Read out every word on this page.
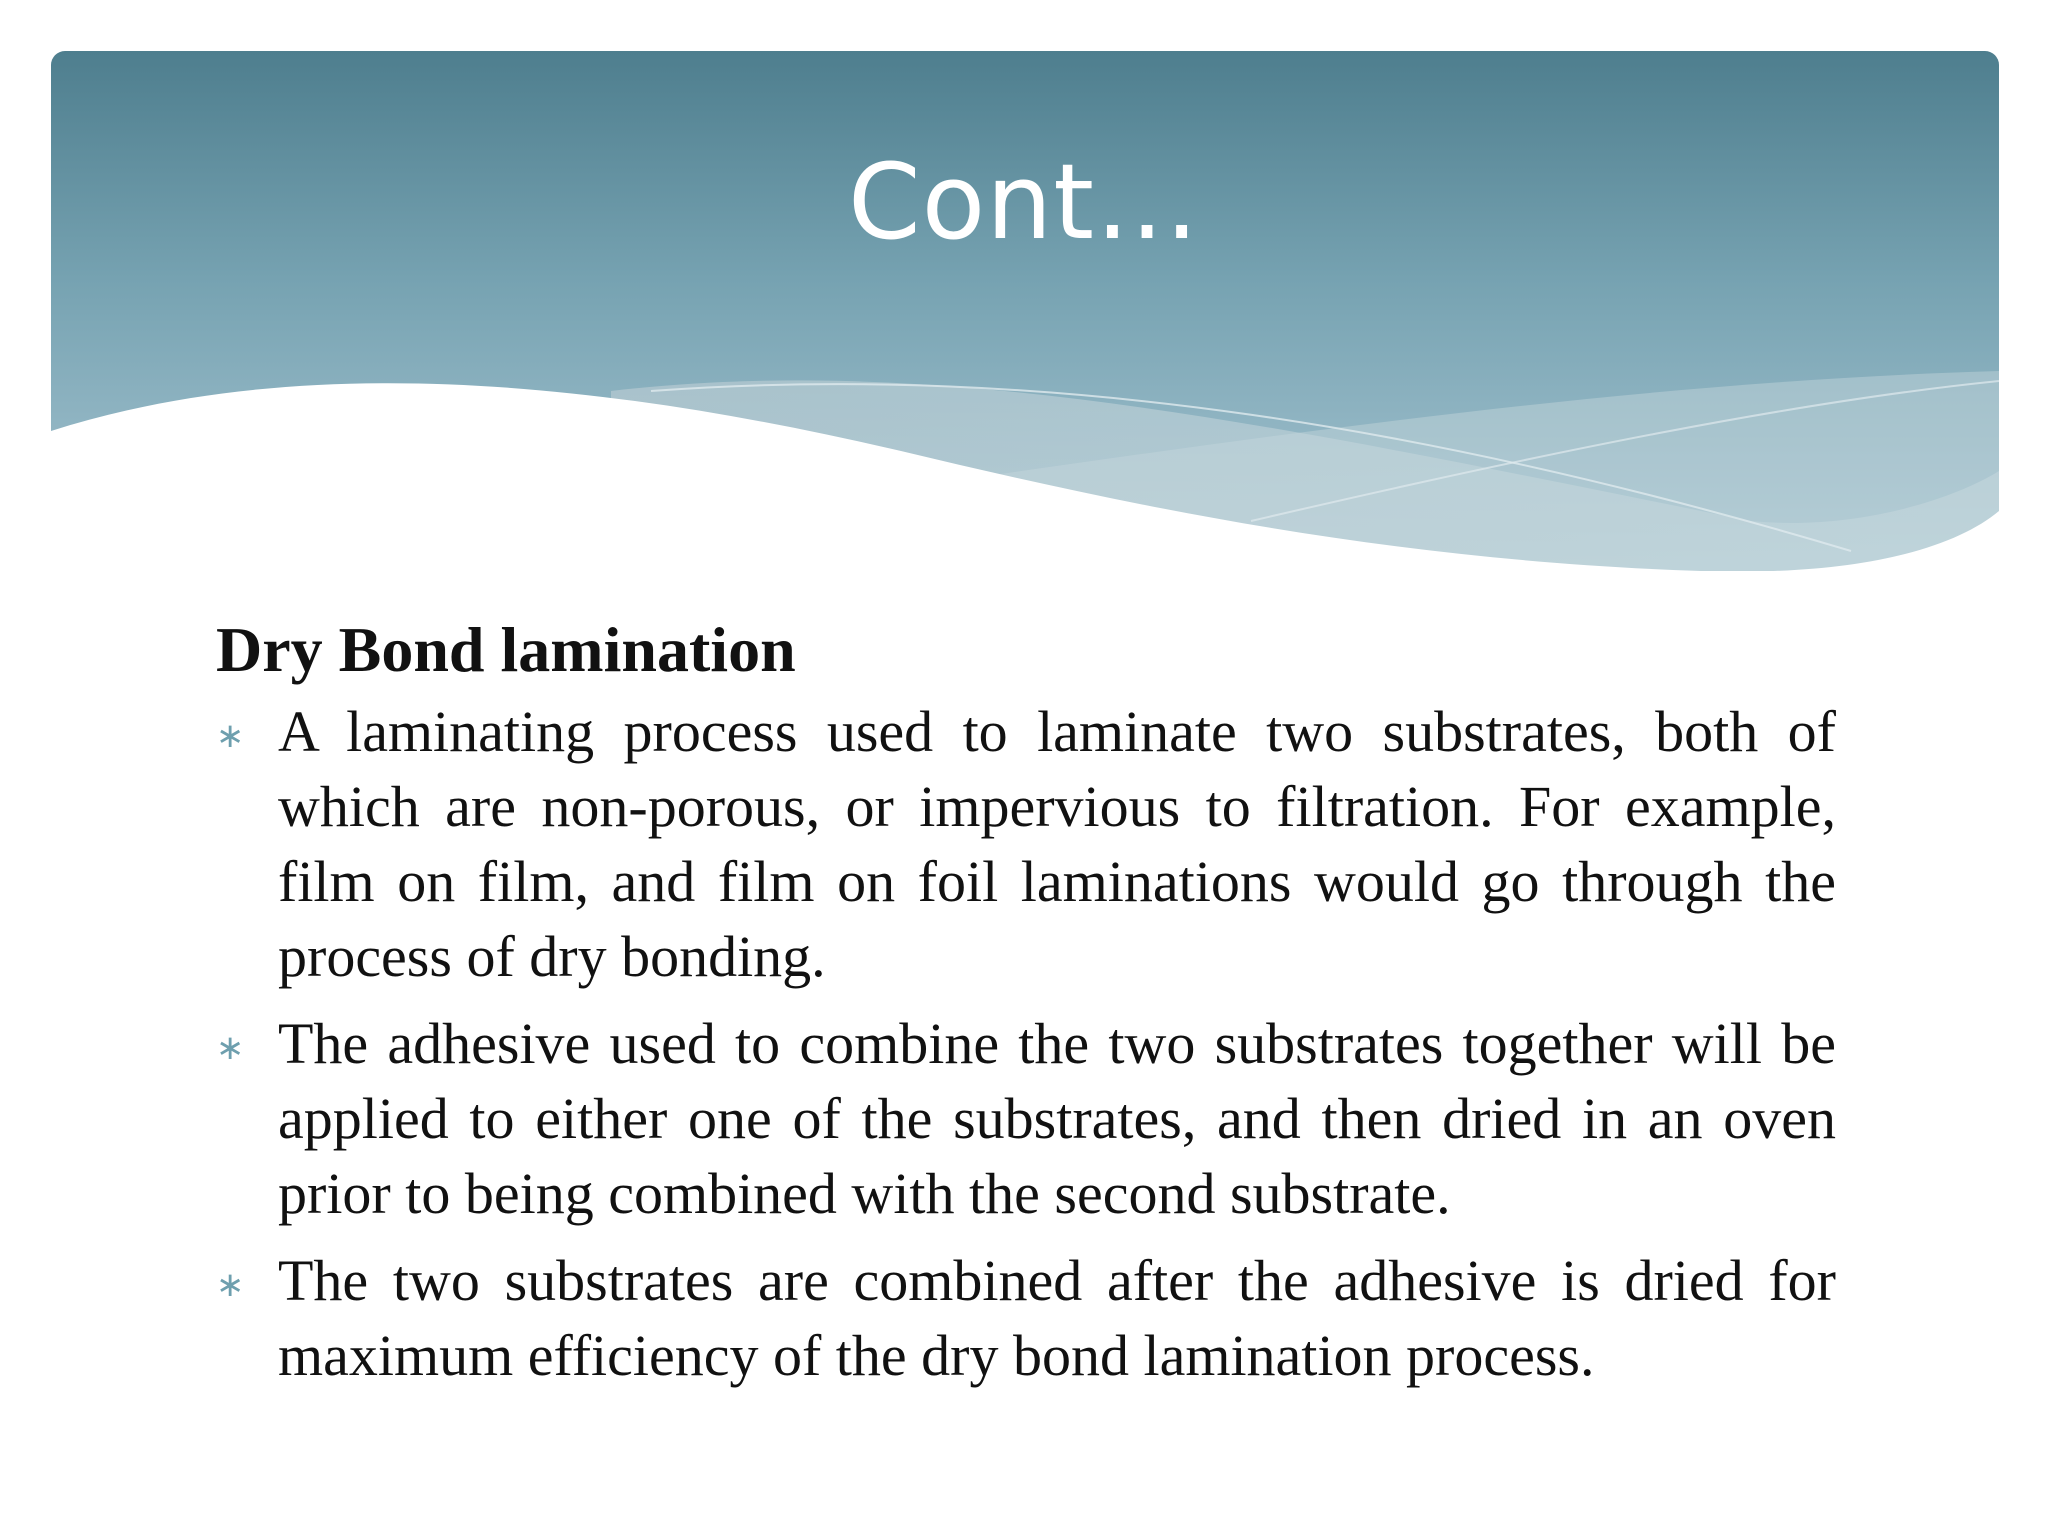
Cont…
Dry Bond lamination
∗ A laminating process used to laminate two substrates, both of which are non-porous, or impervious to filtration. For example, film on film, and film on foil laminations would go through the process of dry bonding.
∗ The adhesive used to combine the two substrates together will be applied to either one of the substrates, and then dried in an oven prior to being combined with the second substrate.
∗ The two substrates are combined after the adhesive is dried for maximum efficiency of the dry bond lamination process.
